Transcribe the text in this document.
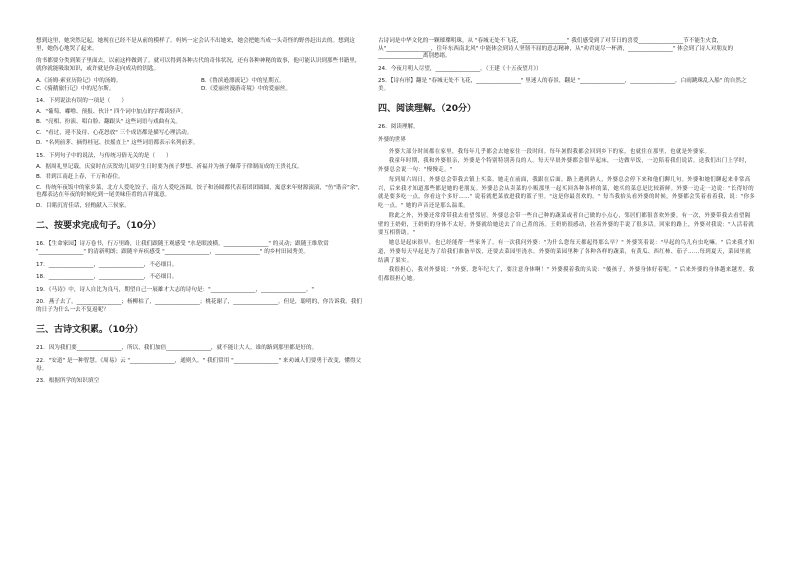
想到这里，她突然记起，她现在已经不是从前的模样了。妈妈一定会认不出她来，她会把她当成一头奇怪的野兽赶出去的。想到这里，她伤心地哭了起来。

的书都要分类到架子里面去，以前这样做到了。就可以得到各种古代的奇伟状况，还有各种神秘的故事，他可能认识到那些书籍里，就你就能吸取知识，或许就是你走向成功的钥匙。

A.《汤姆·索亚历险记》中的汤姆。	B.《鲁滨逊漂流记》中的星期五。
C.《骑鹅旅行记》中的尼尔斯。	D.《爱丽丝漫游奇境》中的爱丽丝。

14．下列说法有误的一项是（　　）

A．"葡萄、嘟噜、预报、伙计" 四个词中加点的字都读轻声。

B．"亮相、扮演、唱白脸、翻跟头" 这些词语与戏曲有关。

C．"看过，迎不及待、心花怒放" 三个成语都是描写心理活动。

D．"名列前茅、摘得桂冠、扶摇直上" 这些词语都表示名列前茅。

15．下列句子中的说法，与传统习俗无关的是（　　）

A．据周礼里记载，庆宴时在庆贺幼儿周岁生日时要为孩子梦想、祈福并为孩子佩带于律制而成的王贵礼仪。

B．君到江南赶上春，千万和春住。

C．传统年夜饭中的家乡菜，北方人爱吃饺子，南方人爱吃汤圆，饺子和汤圆都代表着团团圆圆，寓意来年财源滚滚，"鱼"谐音"余"，也都表达在年夜的时候吃到一尾美味佳肴的吉祥寓意。

D．目睹沉宵佳话，轻酌献入三侯家。

二、按要求完成句子。（10分）

16．【生命家园】诗万卷书，行万里路，让我们跟随王观感受 "水是眼波横，________________" 的灵动；跟随王维欣赏 "________________" 的清新明朗；跟随辛弃疾感受 "________________，________________" 的乡村田园秀美。

17．________________，________________，不必细目。

18．________________，________________，不必细目。

19．《马诗》中，诗人自比为良马，期望自己一展雄才大志的诗句是："________________，________________。"

20．燕子去了，________________；杨柳枯了，________________；桃花谢了，________________。但是，聪明的，你告诉我，我们的日子为什么一去不复返呢？

三、古诗文积累。（10分）

21．因为我们要________________，所以，我们加倍________________，就不能让大人，谁的路到那里都是好的。

22．"安道" 是一种智慧。《周易》云 "________________，通则久。" 我们常用 "________________" 来劝诫人们要勇于改变，懂得父母。

23．根据所学的知识填空

古诗词是中华文化的一颗璀璨明珠。从 "春城无处不飞花，________________" 我们感受到了对节日的喜爱________________节不能生火食，从"________________，往年东西南北风" 中能体会到诗人坚韧不屈的意志精神，从"劝君更尽一杯酒，________________" 体会到了诗人对朋友的________________离别愁绪。

24．今夜月明人尽望，________________。（王建《十五夜望月》）

25．【诗有形】翻是 "春城无处不飞花，________________" 里迷人的春景，翻是 "________________，________________，白雨跳珠乱入船" 的自然之美。

四、阅读理解。（20分）

26．阅读理解。

外婆的世界

外婆大部分时间都在家里，我每年几乎都会去她家住一段时间。每年暑假我都会回到乡下的家，也就住在那里，也就是外婆家。

我童年时期，我和外婆很亲，外婆是个特别特别善良的人。每天早晨外婆都会很早起床，一边做早饭，一边陪着我们说话。送我们出门上学时，外婆总会说一句："慢慢走。"

每到周六周日，外婆总会带我去镇上买菜。她走在前面，我跟在后面。路上遇到熟人，外婆总会停下来和他们聊几句。外婆和她们聊起来非常高兴，后来我才知道那些都是她的老朋友。外婆总会从卖菜的小贩那里一起买回各种各样的菜，她买的菜总是比较新鲜。外婆一边走一边说："长得好的就是要多吃一点，你看这个多好……" 说着就把菜放进我的篮子里。"这是你最喜欢的。" 每当我抬头看外婆的时候，外婆都会笑着看着我，说："你多吃一点。" 她的声音还是那么温柔。

除此之外，外婆还常常带我去看望邻居。外婆总会带一些自己种的蔬菜或者自己做的小点心，邻居们都很喜欢外婆。有一次，外婆带我去看望隔壁的王奶奶，王奶奶的身体不太好，外婆就给她送去了自己煮的汤。王奶奶很感动，拉着外婆的手说了很多话。回家的路上，外婆对我说："人活着就要互相帮助。"

她总是起床很早，也已经能帮一些家务了。有一次我问外婆："为什么您每天都起得那么早？" 外婆笑着说："早起的鸟儿有虫吃嘛。" 后来我才知道，外婆每天早起是为了给我们准备早饭，还要去菜园里浇水。外婆的菜园里种了各种各样的蔬菜，有黄瓜、西红柿、茄子……每到夏天，菜园里就结满了果实。

我很担心，我对外婆说："外婆，您年纪大了，要注意身体啊！" 外婆摸着我的头说："傻孩子，外婆身体好着呢。" 后来外婆的身体越来越差，我们都很担心她。
